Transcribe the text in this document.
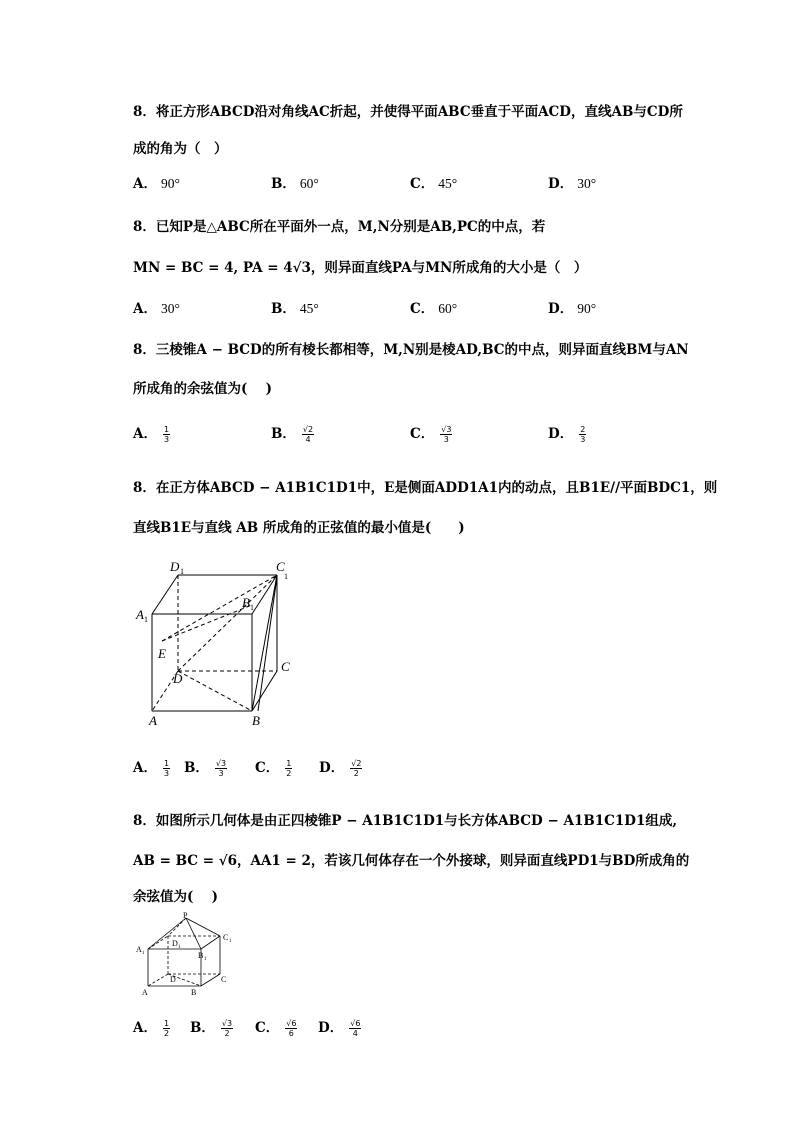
8．将正方形ABCD沿对角线AC折起，并使得平面ABC垂直于平面ACD，直线AB与CD所
成的角为（　）
A． 90°	B． 60°	C． 45°	D． 30°
8．已知P是△ABC所在平面外一点，M,N分别是AB,PC的中点，若
MN = BC = 4, PA = 4√3，则异面直线PA与MN所成角的大小是（　）
A． 30°	B． 45°	C． 60°	D． 90°
8．三棱锥A − BCD的所有棱长都相等，M,N别是棱AD,BC的中点，则异面直线BM与AN
所成角的余弦值为(　 )
A． $\frac{1}{3}$	B． $\frac{√2}{4}$	C． $\frac{√3}{3}$	D． $\frac{2}{3}$
8．在正方体ABCD − A1B1C1D1中，E是侧面ADD1A1内的动点，且B1E//平面BDC1，则
直线B1E与直线 AB 所成角的正弦值的最小值是(　　)
D 1	C
1
A 1
B 1
E
D
C
A	B
A． $\frac{1}{3}$ B． $\frac{√3}{3}$ C． $\frac{1}{2}$ D． $\frac{√2}{2}$
8．如图所示几何体是由正四棱锥P − A1B1C1D1与长方体ABCD − A1B1C1D1组成,
AB = BC = √6，AA1 = 2，若该几何体存在一个外接球，则异面直线PD1与BD所成角的
余弦值为(　 )
P
A 1
D 1
B 1
C 1
D	C
A	B
A． $\frac{1}{2}$ B． $\frac{√3}{2}$ C． $\frac{√6}{6}$ D． $\frac{√6}{4}$
